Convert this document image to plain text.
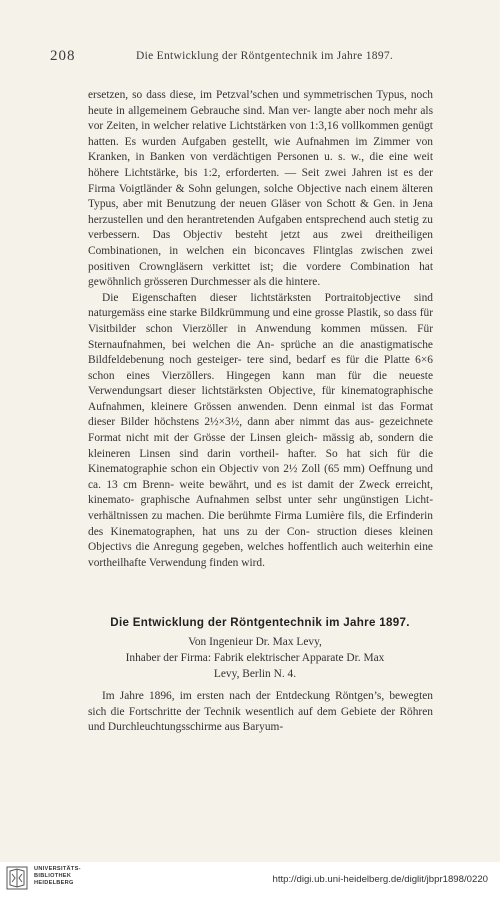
208	Die Entwicklung der Röntgentechnik im Jahre 1897.

ersetzen, so dass diese, im Petzval’schen und symmetrischen Typus, noch heute in allgemeinem Gebrauche sind. Man ver- langte aber noch mehr als vor Zeiten, in welcher relative Lichtstärken von 1:3,16 vollkommen genügt hatten. Es wurden Aufgaben gestellt, wie Aufnahmen im Zimmer von Kranken, in Banken von verdächtigen Personen u. s. w., die eine weit höhere Lichtstärke, bis 1:2, erforderten. — Seit zwei Jahren ist es der Firma Voigtländer & Sohn gelungen, solche Objective nach einem älteren Typus, aber mit Benutzung der neuen Gläser von Schott & Gen. in Jena herzustellen und den herantretenden Aufgaben entsprechend auch stetig zu verbessern. Das Objectiv besteht jetzt aus zwei dreitheiligen Combinationen, in welchen ein biconcaves Flintglas zwischen zwei positiven Crowngläsern verkittet ist; die vordere Combination hat gewöhnlich grösseren Durchmesser als die hintere.

Die Eigenschaften dieser lichtstärksten Portraitobjective sind naturgemäss eine starke Bildkrümmung und eine grosse Plastik, so dass für Visitbilder schon Vierzöller in Anwendung kommen müssen. Für Sternaufnahmen, bei welchen die An- sprüche an die anastigmatische Bildfeldebenung noch gesteiger- tere sind, bedarf es für die Platte 6×6 schon eines Vierzöllers. Hingegen kann man für die neueste Verwendungsart dieser lichtstärksten Objective, für kinematographische Aufnahmen, kleinere Grössen anwenden. Denn einmal ist das Format dieser Bilder höchstens 2½×3½, dann aber nimmt das aus- gezeichnete Format nicht mit der Grösse der Linsen gleich- mässig ab, sondern die kleineren Linsen sind darin vortheil- hafter. So hat sich für die Kinematographie schon ein Objectiv von 2½ Zoll (65 mm) Oeffnung und ca. 13 cm Brenn- weite bewährt, und es ist damit der Zweck erreicht, kinemato- graphische Aufnahmen selbst unter sehr ungünstigen Licht- verhältnissen zu machen. Die berühmte Firma Lumière fils, die Erfinderin des Kinematographen, hat uns zu der Con- struction dieses kleinen Objectivs die Anregung gegeben, welches hoffentlich auch weiterhin eine vortheilhafte Verwendung finden wird.

Die Entwicklung der Röntgentechnik im Jahre 1897.
Von Ingenieur Dr. Max Levy,
Inhaber der Firma: Fabrik elektrischer Apparate Dr. Max
Levy, Berlin N. 4.

Im Jahre 1896, im ersten nach der Entdeckung Röntgen’s, bewegten sich die Fortschritte der Technik wesentlich auf dem Gebiete der Röhren und Durchleuchtungsschirme aus Baryum-

UNIVERSITÄTS-
BIBLIOTHEK
HEIDELBERG	http://digi.ub.uni-heidelberg.de/diglit/jbpr1898/0220
